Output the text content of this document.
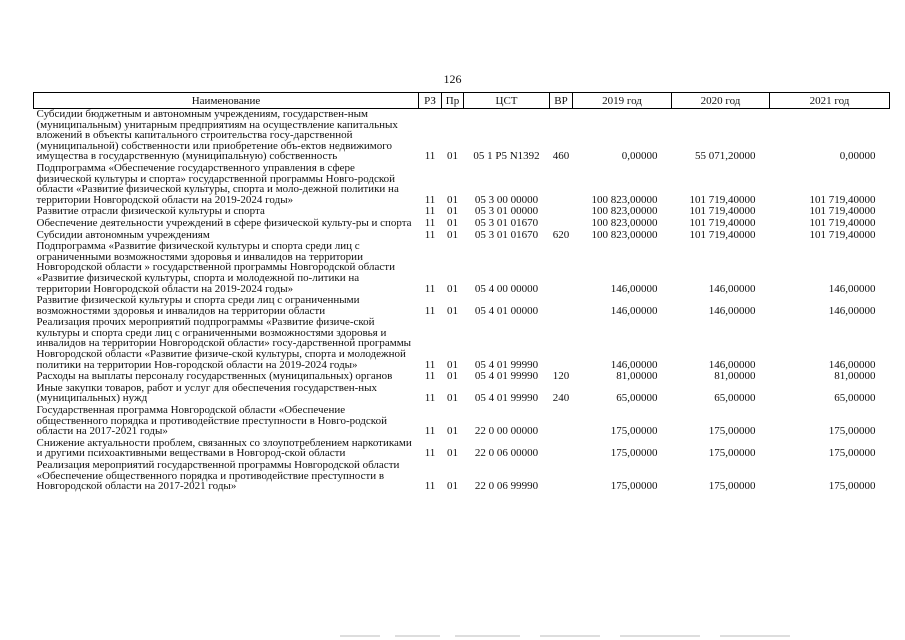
126
Наименование	РЗ	Пр	ЦСТ	ВР	2019 год	2020 год	2021 год
Субсидии бюджетным и автономным учреждениям, государствен-ным (муниципальным) унитарным предприятиям на осуществление капитальных вложений в объекты капитального строительства госу-дарственной (муниципальной) собственности или приобретение объ-ектов недвижимого имущества в государственную (муниципальную) собственность	11	01	05 1 P5 N1392	460	0,00000	55 071,20000	0,00000
Подпрограмма «Обеспечение государственного управления в сфере физической культуры и спорта» государственной программы Новго-родской области «Развитие физической культуры, спорта и моло-дежной политики на территории Новгородской области на 2019-2024 годы»	11	01	05 3 00 00000		100 823,00000	101 719,40000	101 719,40000
Развитие отрасли физической культуры и спорта	11	01	05 3 01 00000		100 823,00000	101 719,40000	101 719,40000
Обеспечение деятельности учреждений в сфере физической культу-ры и спорта	11	01	05 3 01 01670		100 823,00000	101 719,40000	101 719,40000
Субсидии автономным учреждениям	11	01	05 3 01 01670	620	100 823,00000	101 719,40000	101 719,40000
Подпрограмма «Развитие физической культуры и спорта среди лиц с ограниченными возможностями здоровья и инвалидов на территории Новгородской области » государственной программы Новгородской области «Развитие физической культуры, спорта и молодежной по-литики на территории Новгородской области на 2019-2024 годы»	11	01	05 4 00 00000		146,00000	146,00000	146,00000
Развитие физической культуры и спорта среди лиц с ограниченными возможностями здоровья и инвалидов на территории области	11	01	05 4 01 00000		146,00000	146,00000	146,00000
Реализация прочих мероприятий подпрограммы «Развитие физиче-ской культуры и спорта среди лиц с ограниченными возможностями здоровья и инвалидов на территории Новгородской области» госу-дарственной программы Новгородской области «Развитие физиче-ской культуры, спорта и молодежной политики на территории Нов-городской области на 2019-2024 годы»	11	01	05 4 01 99990		146,00000	146,00000	146,00000
Расходы на выплаты персоналу государственных (муниципальных) органов	11	01	05 4 01 99990	120	81,00000	81,00000	81,00000
Иные закупки товаров, работ и услуг для обеспечения государствен-ных (муниципальных) нужд	11	01	05 4 01 99990	240	65,00000	65,00000	65,00000
Государственная программа Новгородской области «Обеспечение общественного порядка и противодействие преступности в Новго-родской области на 2017-2021 годы»	11	01	22 0 00 00000		175,00000	175,00000	175,00000
Снижение актуальности проблем, связанных со злоупотреблением наркотиками и другими психоактивными веществами в Новгород-ской области	11	01	22 0 06 00000		175,00000	175,00000	175,00000
Реализация мероприятий государственной программы Новгородской области «Обеспечение общественного порядка и противодействие преступности в Новгородской области на 2017-2021 годы»	11	01	22 0 06 99990		175,00000	175,00000	175,00000
